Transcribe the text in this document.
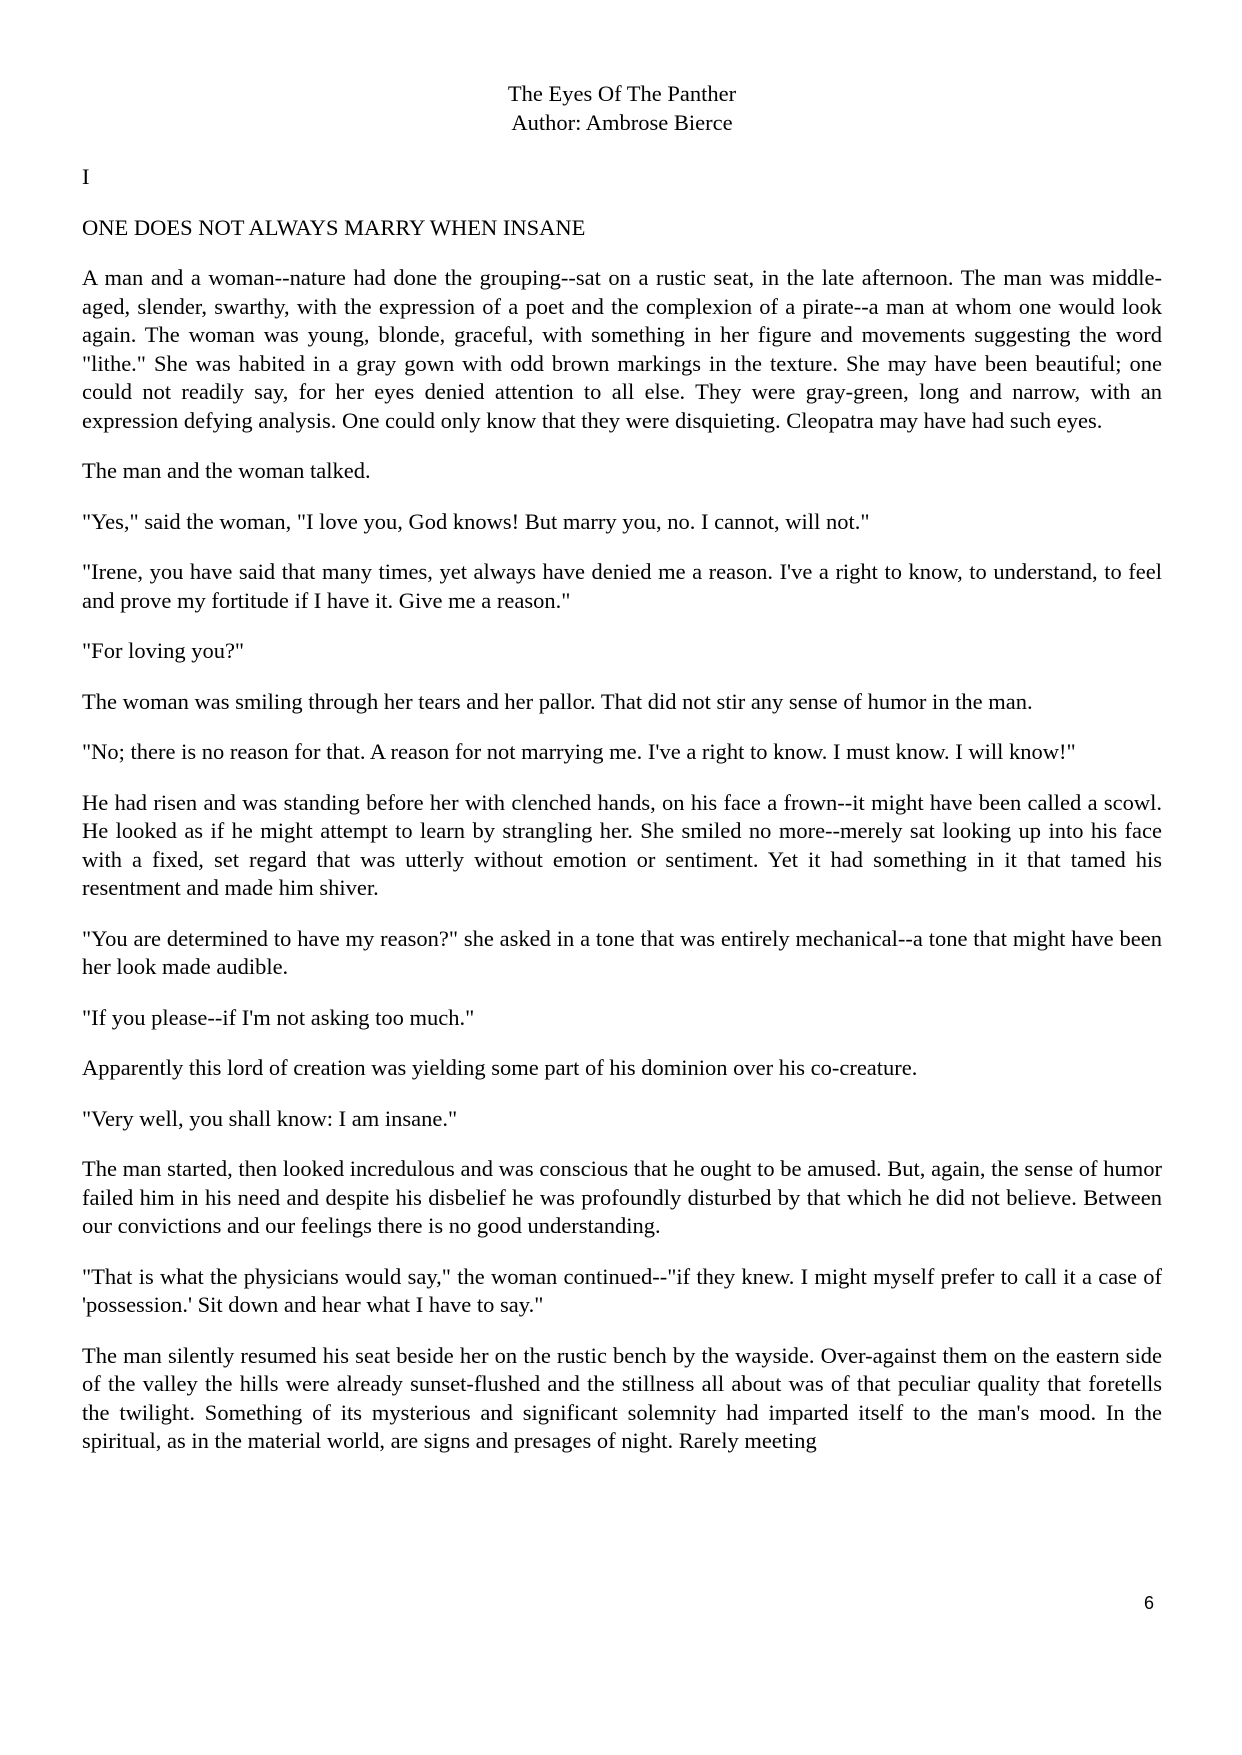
The Eyes Of The Panther
Author: Ambrose Bierce
I
ONE DOES NOT ALWAYS MARRY WHEN INSANE

A man and a woman--nature had done the grouping--sat on a rustic seat, in the late afternoon. The man was middle-aged, slender, swarthy, with the expression of a poet and the complexion of a pirate--a man at whom one would look again. The woman was young, blonde, graceful, with something in her figure and movements suggesting the word "lithe." She was habited in a gray gown with odd brown markings in the texture. She may have been beautiful; one could not readily say, for her eyes denied attention to all else. They were gray-green, long and narrow, with an expression defying analysis. One could only know that they were disquieting. Cleopatra may have had such eyes.

The man and the woman talked.

"Yes," said the woman, "I love you, God knows! But marry you, no. I cannot, will not."

"Irene, you have said that many times, yet always have denied me a reason. I've a right to know, to understand, to feel and prove my fortitude if I have it. Give me a reason."

"For loving you?"

The woman was smiling through her tears and her pallor. That did not stir any sense of humor in the man.

"No; there is no reason for that. A reason for not marrying me. I've a right to know. I must know. I will know!"

He had risen and was standing before her with clenched hands, on his face a frown--it might have been called a scowl. He looked as if he might attempt to learn by strangling her. She smiled no more--merely sat looking up into his face with a fixed, set regard that was utterly without emotion or sentiment. Yet it had something in it that tamed his resentment and made him shiver.

"You are determined to have my reason?" she asked in a tone that was entirely mechanical--a tone that might have been her look made audible.

"If you please--if I'm not asking too much."

Apparently this lord of creation was yielding some part of his dominion over his co-creature.

"Very well, you shall know: I am insane."

The man started, then looked incredulous and was conscious that he ought to be amused. But, again, the sense of humor failed him in his need and despite his disbelief he was profoundly disturbed by that which he did not believe. Between our convictions and our feelings there is no good understanding.

"That is what the physicians would say," the woman continued--"if they knew. I might myself prefer to call it a case of 'possession.' Sit down and hear what I have to say."

The man silently resumed his seat beside her on the rustic bench by the wayside. Over-against them on the eastern side of the valley the hills were already sunset-flushed and the stillness all about was of that peculiar quality that foretells the twilight. Something of its mysterious and significant solemnity had imparted itself to the man's mood. In the spiritual, as in the material world, are signs and presages of night. Rarely meeting

6
